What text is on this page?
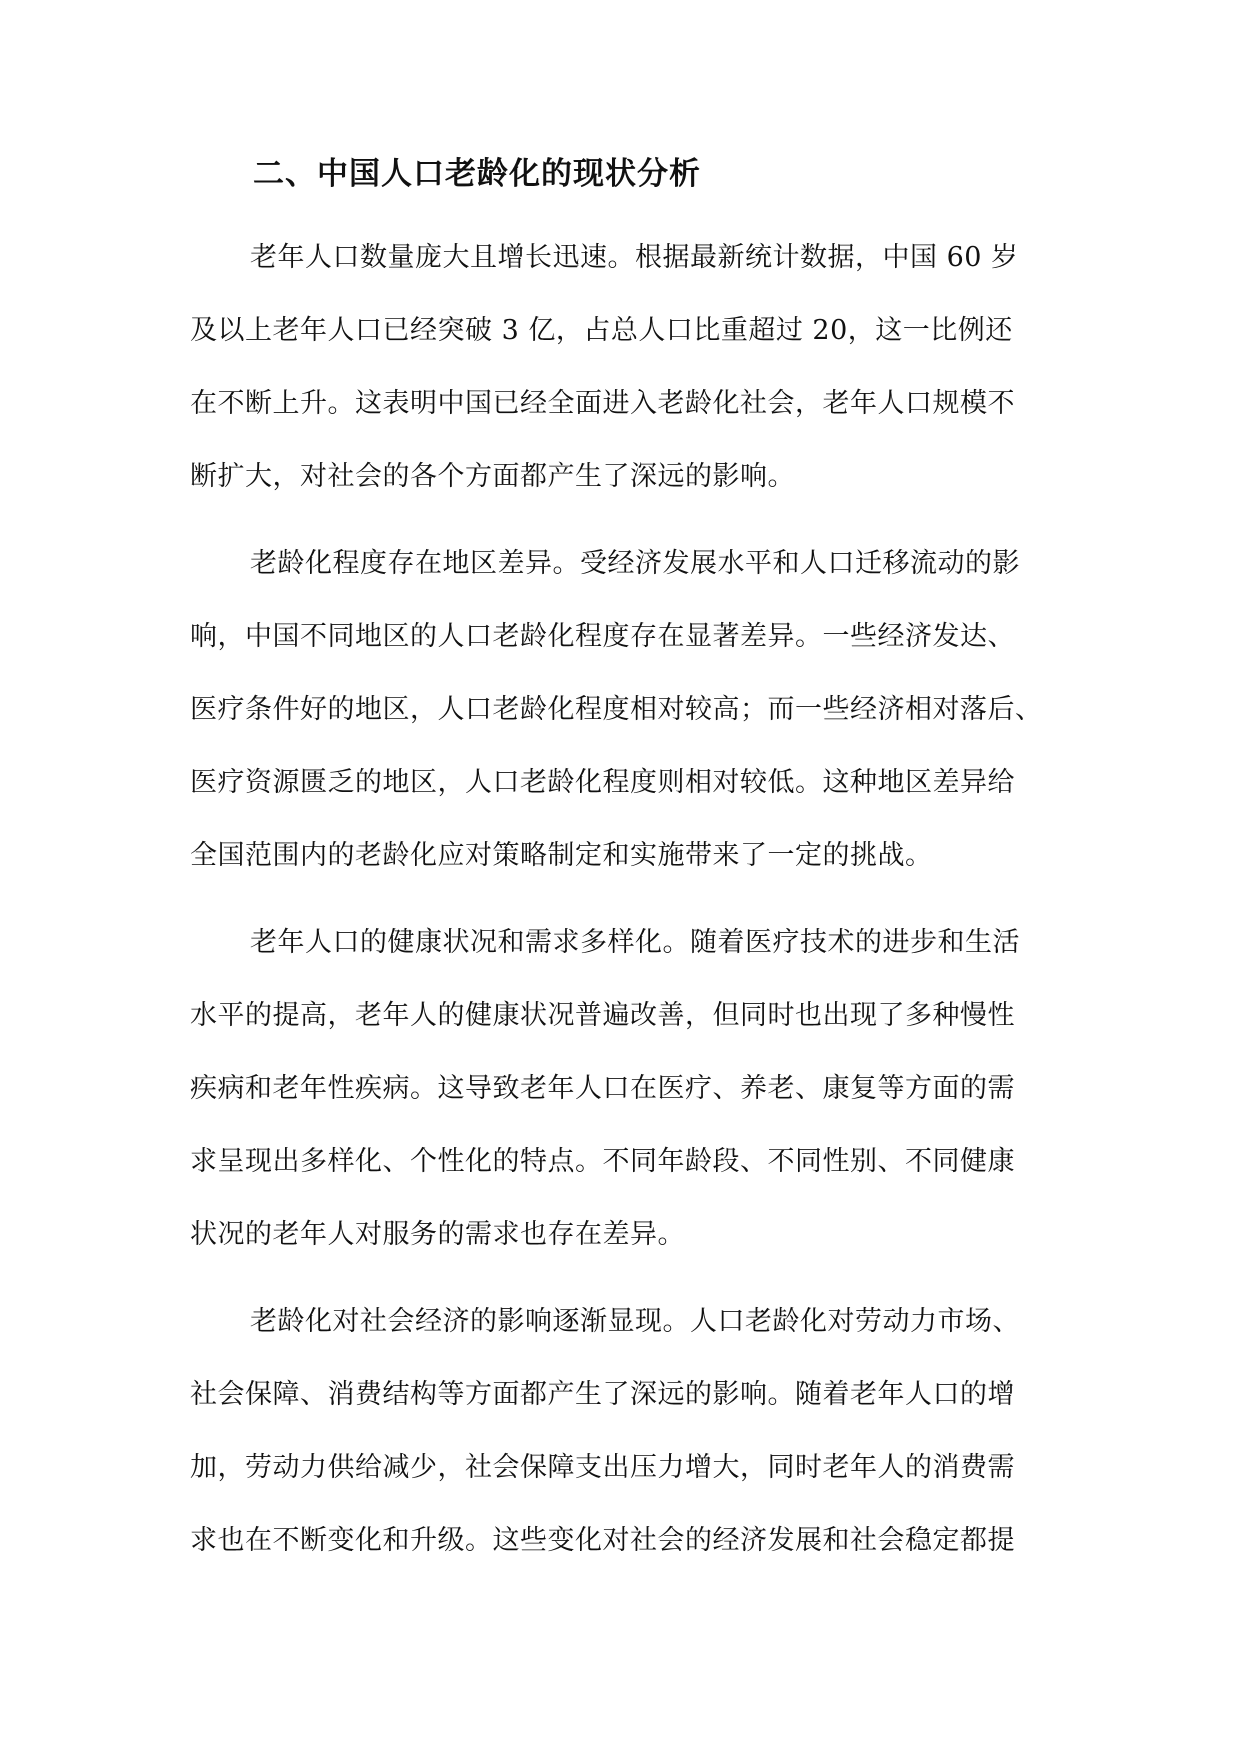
二、中国人口老龄化的现状分析
老年人口数量庞大且增长迅速。根据最新统计数据，中国 60 岁
及以上老年人口已经突破 3 亿，占总人口比重超过 20，这一比例还
在不断上升。这表明中国已经全面进入老龄化社会，老年人口规模不
断扩大，对社会的各个方面都产生了深远的影响。
老龄化程度存在地区差异。受经济发展水平和人口迁移流动的影
响，中国不同地区的人口老龄化程度存在显著差异。一些经济发达、
医疗条件好的地区，人口老龄化程度相对较高；而一些经济相对落后、
医疗资源匮乏的地区，人口老龄化程度则相对较低。这种地区差异给
全国范围内的老龄化应对策略制定和实施带来了一定的挑战。
老年人口的健康状况和需求多样化。随着医疗技术的进步和生活
水平的提高，老年人的健康状况普遍改善，但同时也出现了多种慢性
疾病和老年性疾病。这导致老年人口在医疗、养老、康复等方面的需
求呈现出多样化、个性化的特点。不同年龄段、不同性别、不同健康
状况的老年人对服务的需求也存在差异。
老龄化对社会经济的影响逐渐显现。人口老龄化对劳动力市场、
社会保障、消费结构等方面都产生了深远的影响。随着老年人口的增
加，劳动力供给减少，社会保障支出压力增大，同时老年人的消费需
求也在不断变化和升级。这些变化对社会的经济发展和社会稳定都提
